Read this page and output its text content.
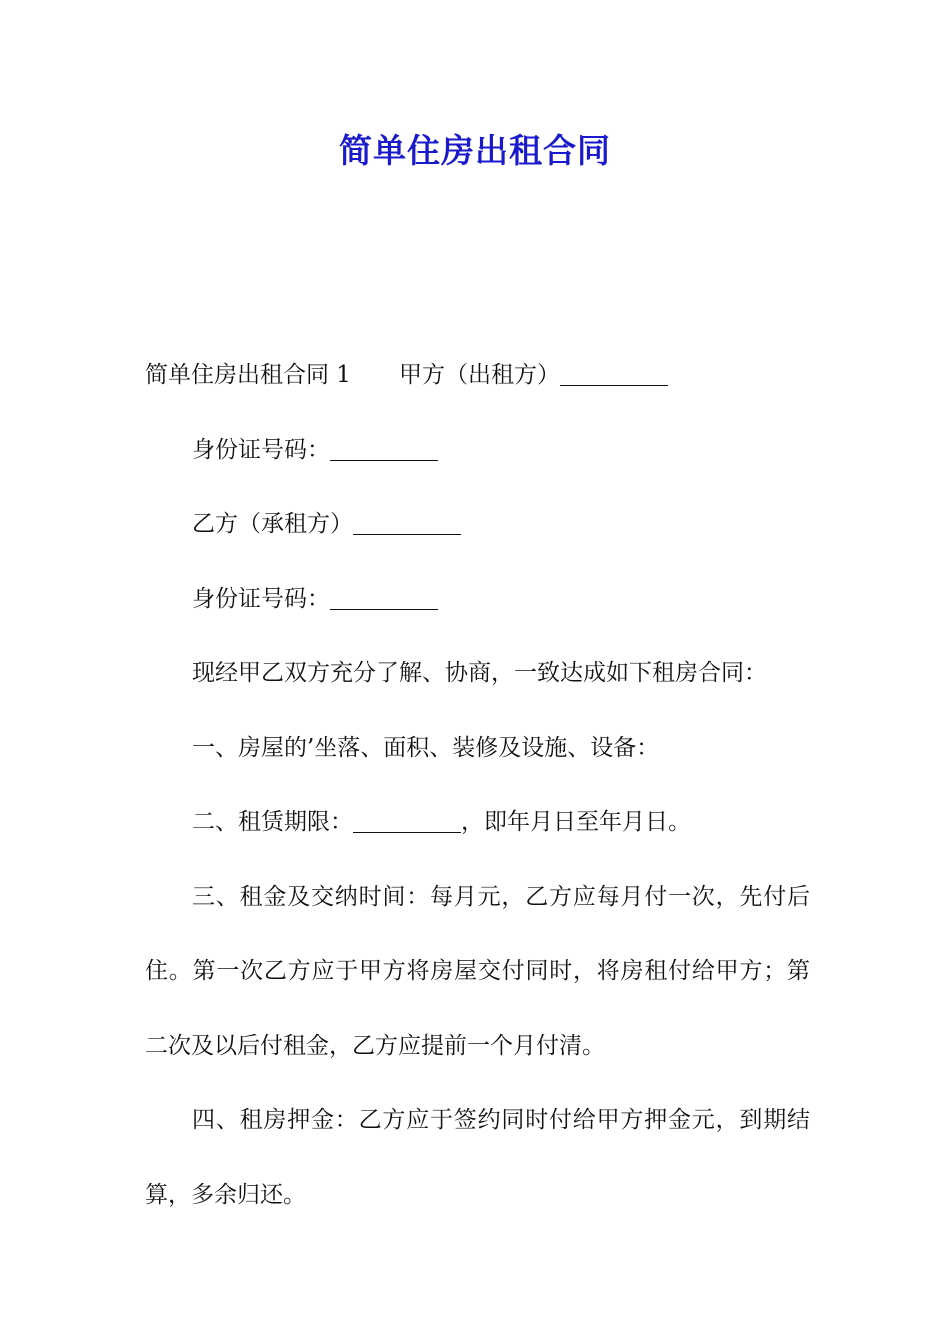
简单住房出租合同
简单住房出租合同 1 甲方（出租方）
身份证号码：
乙方（承租方）
身份证号码：
现经甲乙双方充分了解、协商，一致达成如下租房合同：
一、房屋的’坐落、面积、装修及设施、设备：
二、租赁期限：	，即年月日至年月日。
三、租金及交纳时间：每月元，乙方应每月付一次，先付后住。第一次乙方应于甲方将房屋交付同时，将房租付给甲方；第二次及以后付租金，乙方应提前一个月付清。
四、租房押金：乙方应于签约同时付给甲方押金元，到期结算，多余归还。
